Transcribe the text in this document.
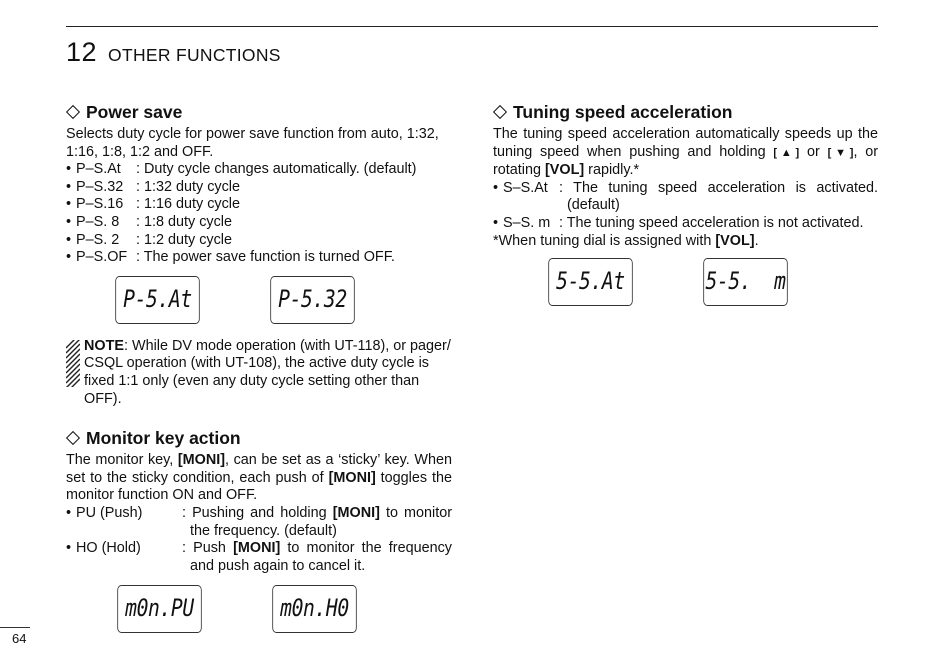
12 OTHER FUNCTIONS
Power save

Selects duty cycle for power save function from auto, 1:32, 1:16, 1:8, 1:2 and OFF.

• P–S.At	: Duty cycle changes automatically. (default)
• P–S.32 : 1:32 duty cycle
• P–S.16 : 1:16 duty cycle
• P–S. 8	: 1:8 duty cycle
• P–S. 2	: 1:2 duty cycle
• P–S.OF : The power save function is turned OFF.
P-5.At	P-5.32
NOTE: While DV mode operation (with UT-118), or pager/ CSQL operation (with UT-108), the active duty cycle is fixed 1:1 only (even any duty cycle setting other than OFF).
Monitor key action

The monitor key, [MONI], can be set as a ‘sticky’ key. When set to the sticky condition, each push of [MONI] toggles the monitor function ON and OFF.

• PU (Push)	: Pushing and holding [MONI] to monitor the frequency. (default)
• HO (Hold)	: Push [MONI] to monitor the frequency and push again to cancel it.
m0n.PU	m0n.H0
Tuning speed acceleration

The tuning speed acceleration automatically speeds up the tuning speed when pushing and holding [▲] or [▼], or rotating [VOL] rapidly.*

• S–S.At : The tuning speed acceleration is activated. (default)
• S–S. m : The tuning speed acceleration is not activated.

*When tuning dial is assigned with [VOL].

5-5.At	5-5.  m
64
